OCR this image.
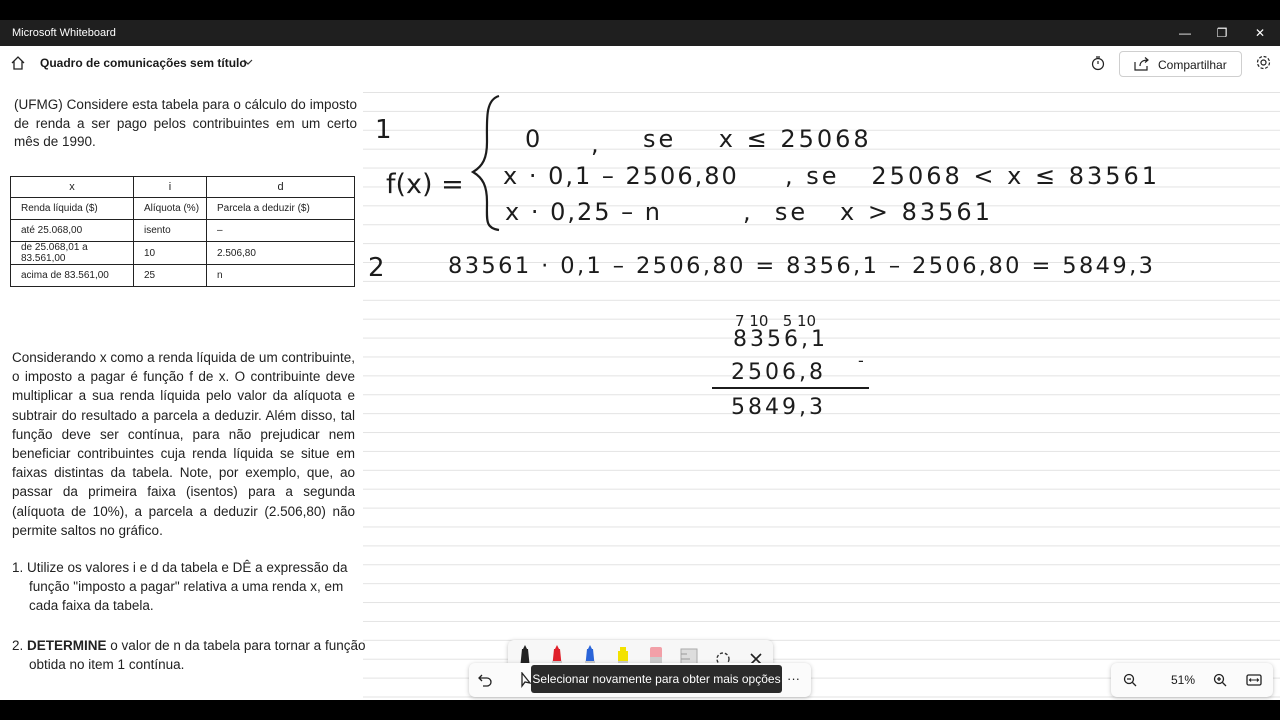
Microsoft Whiteboard	—	❐	✕
Quadro de comunicações sem título	Compartilhar
(UFMG) Considere esta tabela para o cálculo do imposto de renda a ser pago pelos contribuintes em um certo mês de 1990.
x	i	d
Renda líquida ($)	Alíquota (%)	Parcela a deduzir ($)
até 25.068,00	isento	–
de 25.068,01 a 83.561,00	10	2.506,80
acima de 83.561,00	25	n
Considerando x como a renda líquida de um contribuinte, o imposto a pagar é função f de x. O contribuinte deve multiplicar a sua renda líquida pelo valor da alíquota e subtrair do resultado a parcela a deduzir. Além disso, tal função deve ser contínua, para não prejudicar nem beneficiar contribuintes cuja renda líquida se situe em faixas distintas da tabela. Note, por exemplo, que, ao passar da primeira faixa (isentos) para a segunda (alíquota de 10%), a parcela a deduzir (2.506,80) não permite saltos no gráfico.
1. Utilize os valores i e d da tabela e DÊ a expressão da função "imposto a pagar" relativa a uma renda x, em cada faixa da tabela.
2. DETERMINE o valor de n da tabela para tornar a função obtida no item 1 contínua.
1
f(x) =
0 , se    x ≤ 25068
x · 0,1 – 2506,80 , se   25068 < x ≤ 83561
x · 0,25 – n	,  se   x > 83561
2	83561 · 0,1 – 2506,80 = 8356,1 – 2506,80 = 5849,3
7 10   5 10
8356,1
-
2506,8
5849,3
···
Selecionar novamente para obter mais opções	51%
